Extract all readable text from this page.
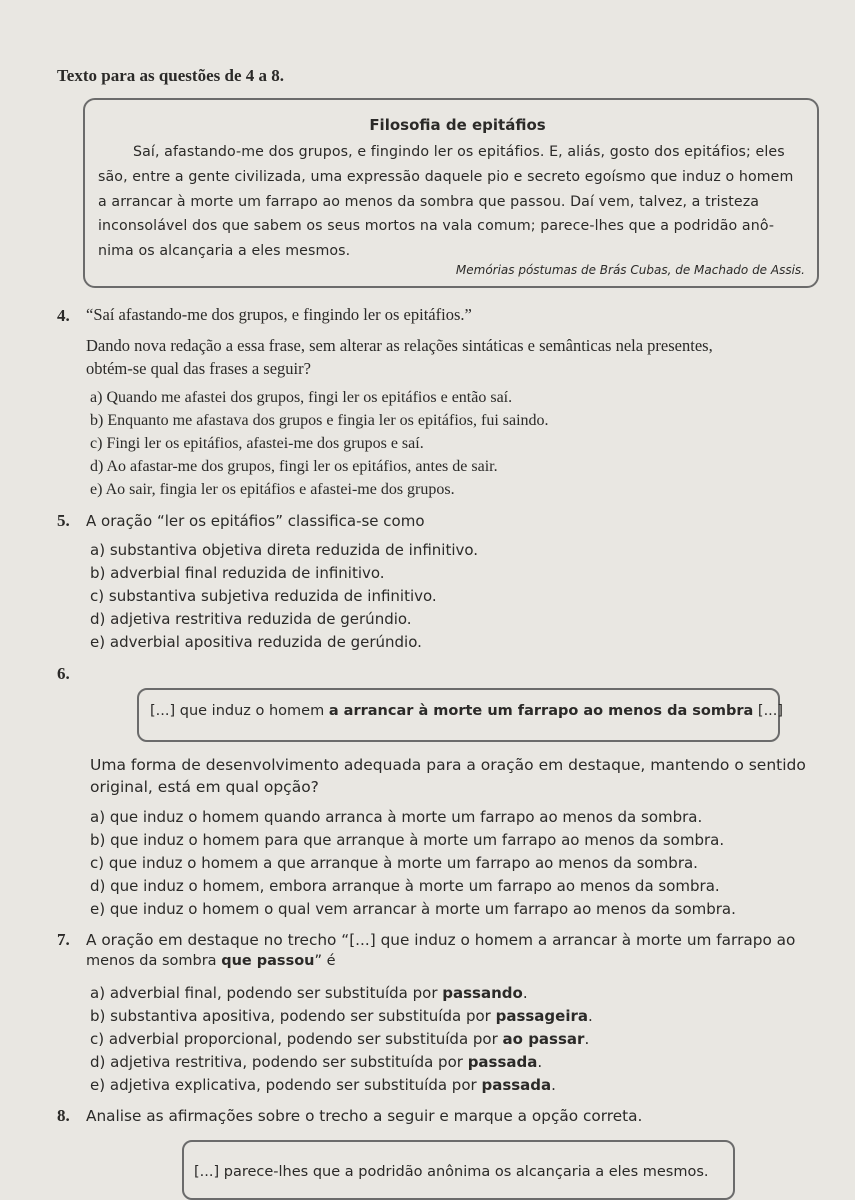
Texto para as questões de 4 a 8.
Filosofia de epitáfios
Saí, afastando-me dos grupos, e fingindo ler os epitáfios. E, aliás, gosto dos epitáfios; eles
são, entre a gente civilizada, uma expressão daquele pio e secreto egoísmo que induz o homem
a arrancar à morte um farrapo ao menos da sombra que passou. Daí vem, talvez, a tristeza
inconsolável dos que sabem os seus mortos na vala comum; parece-lhes que a podridão anô-
nima os alcançaria a eles mesmos.
Memórias póstumas de Brás Cubas, de Machado de Assis.
4. “Saí afastando-me dos grupos, e fingindo ler os epitáfios.”
Dando nova redação a essa frase, sem alterar as relações sintáticas e semânticas nela presentes,
obtém-se qual das frases a seguir?
a) Quando me afastei dos grupos, fingi ler os epitáfios e então saí.
b) Enquanto me afastava dos grupos e fingia ler os epitáfios, fui saindo.
c) Fingi ler os epitáfios, afastei-me dos grupos e saí.
d) Ao afastar-me dos grupos, fingi ler os epitáfios, antes de sair.
e) Ao sair, fingia ler os epitáfios e afastei-me dos grupos.
5. A oração “ler os epitáfios” classifica-se como
a) substantiva objetiva direta reduzida de infinitivo.
b) adverbial final reduzida de infinitivo.
c) substantiva subjetiva reduzida de infinitivo.
d) adjetiva restritiva reduzida de gerúndio.
e) adverbial apositiva reduzida de gerúndio.
6.
[...] que induz o homem a arrancar à morte um farrapo ao menos da sombra [...]
Uma forma de desenvolvimento adequada para a oração em destaque, mantendo o sentido
original, está em qual opção?
a) que induz o homem quando arranca à morte um farrapo ao menos da sombra.
b) que induz o homem para que arranque à morte um farrapo ao menos da sombra.
c) que induz o homem a que arranque à morte um farrapo ao menos da sombra.
d) que induz o homem, embora arranque à morte um farrapo ao menos da sombra.
e) que induz o homem o qual vem arrancar à morte um farrapo ao menos da sombra.
7. A oração em destaque no trecho “[...] que induz o homem a arrancar à morte um farrapo ao
menos da sombra que passou” é
a) adverbial final, podendo ser substituída por passando.
b) substantiva apositiva, podendo ser substituída por passageira.
c) adverbial proporcional, podendo ser substituída por ao passar.
d) adjetiva restritiva, podendo ser substituída por passada.
e) adjetiva explicativa, podendo ser substituída por passada.
8. Analise as afirmações sobre o trecho a seguir e marque a opção correta.
[...] parece-lhes que a podridão anônima os alcançaria a eles mesmos.
